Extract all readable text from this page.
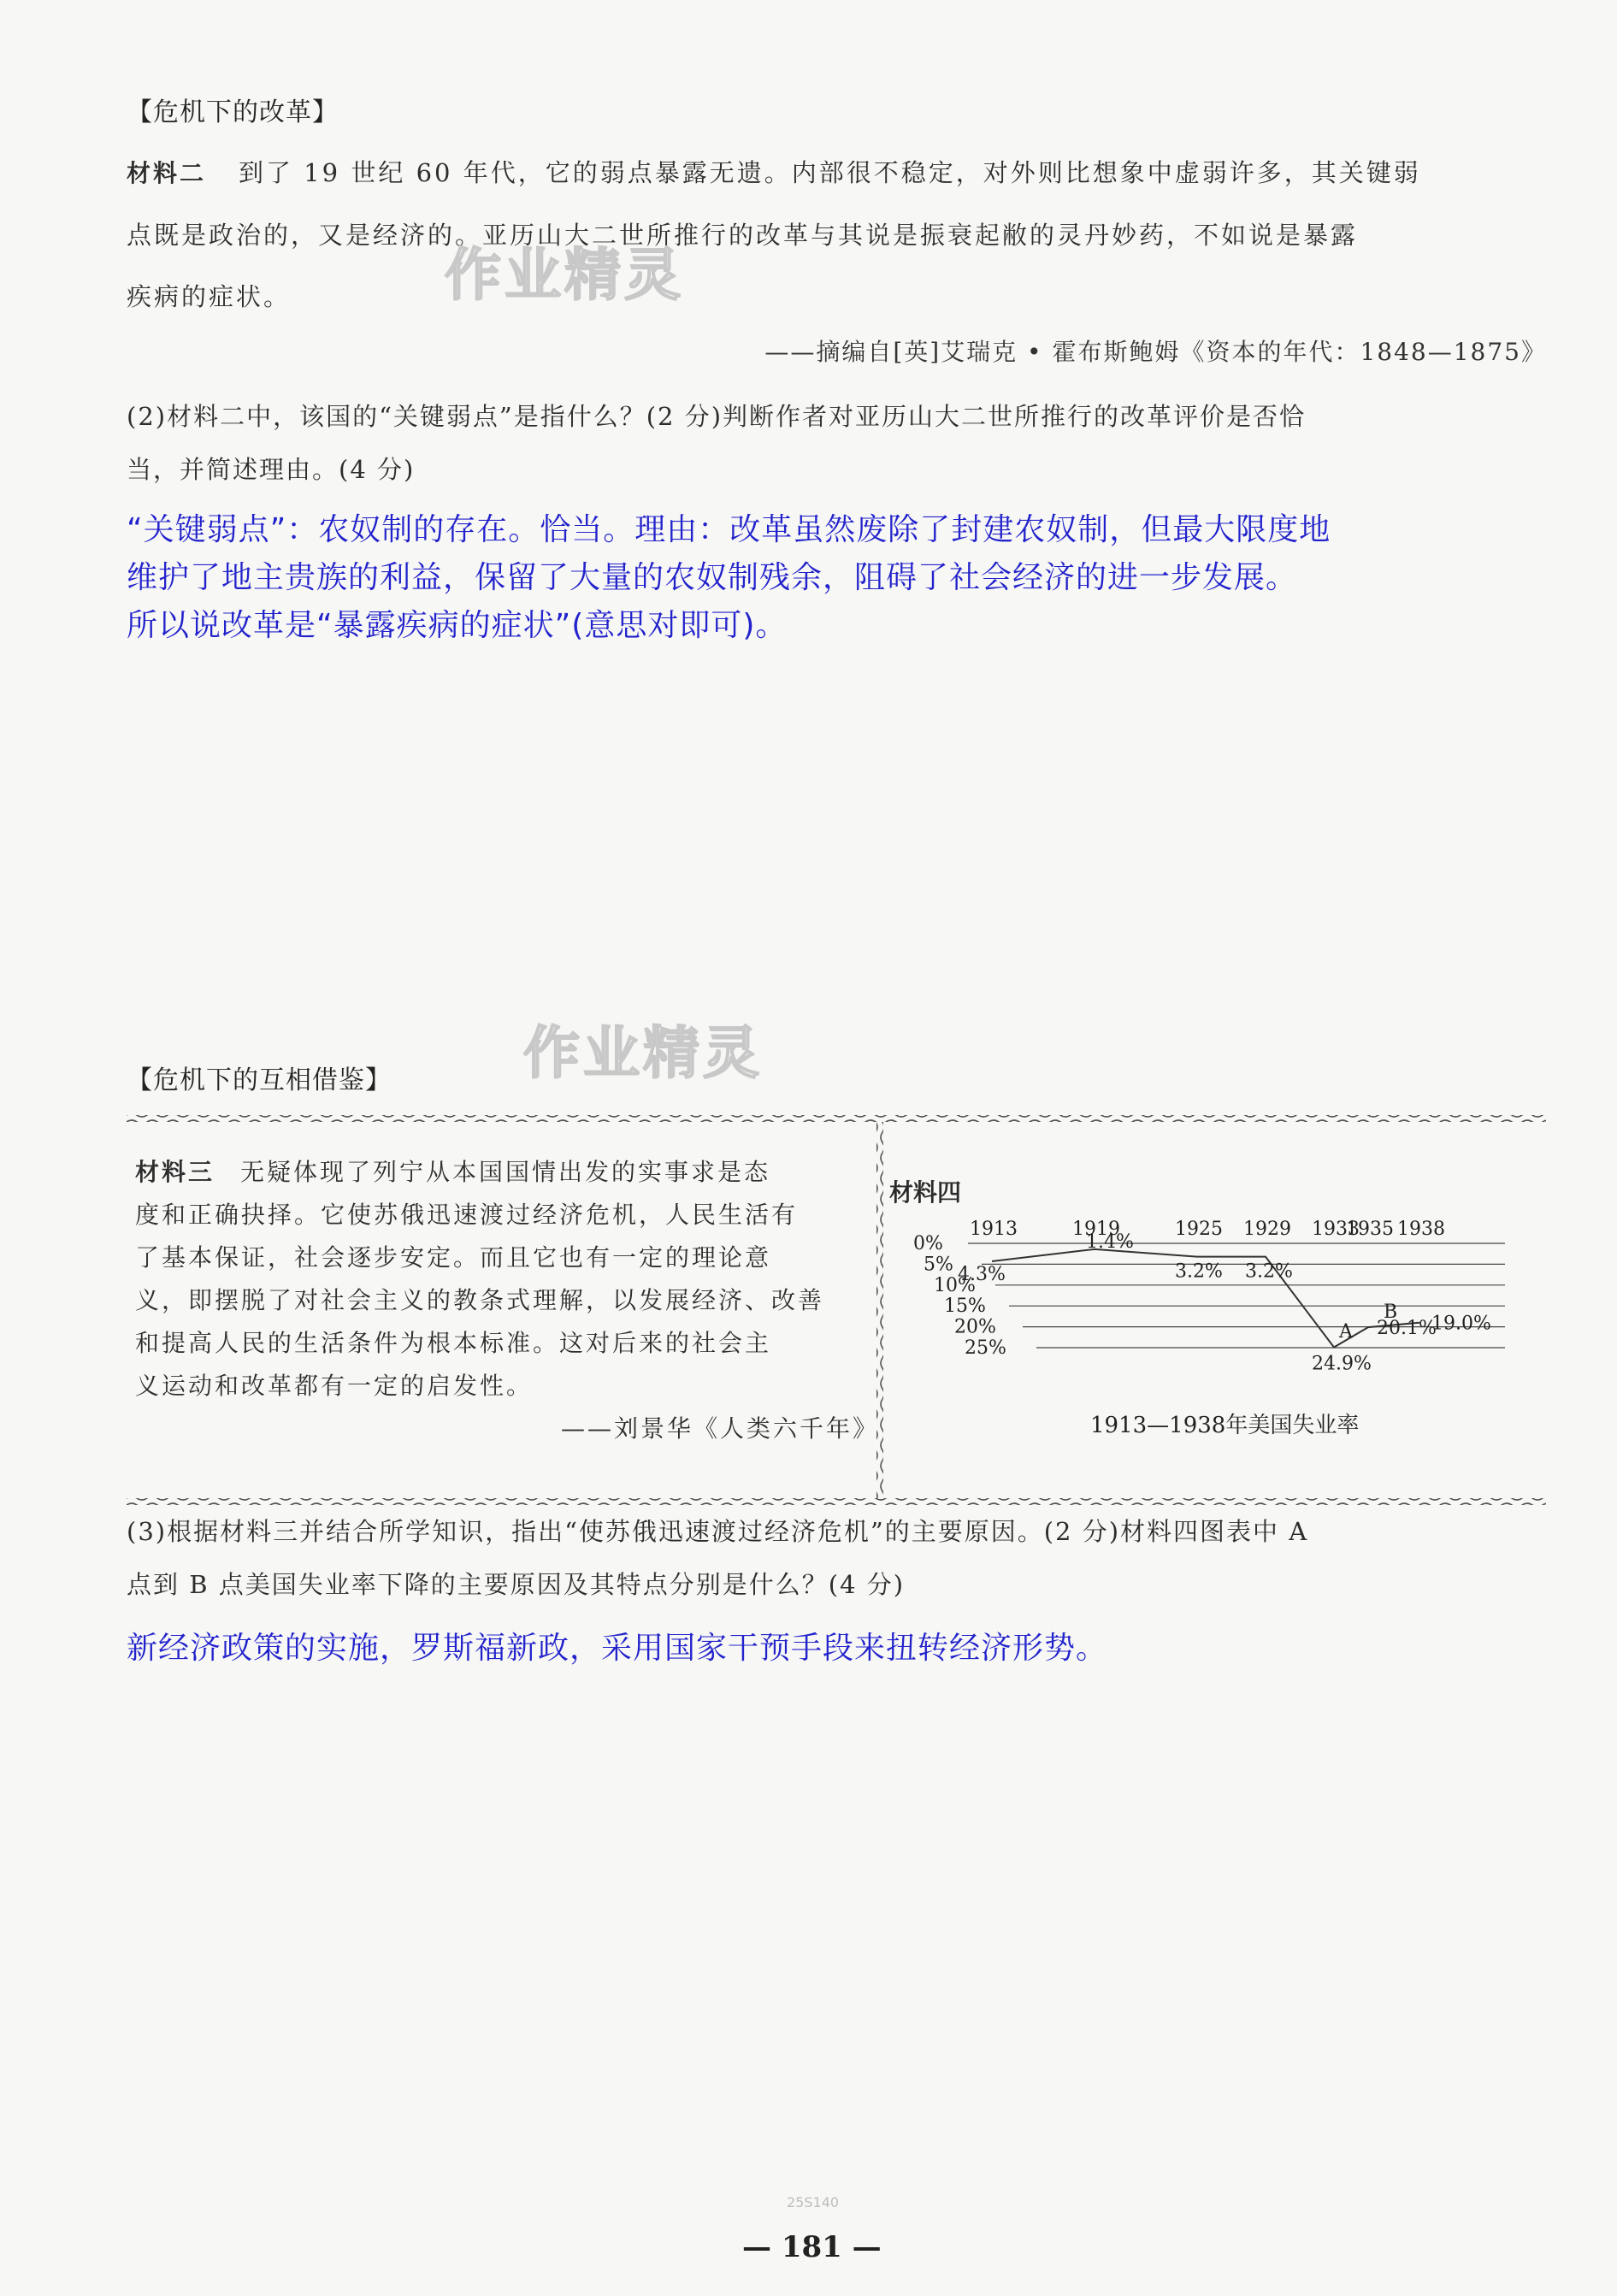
【危机下的改革】
材料二 到了 19 世纪 60 年代，它的弱点暴露无遗。内部很不稳定，对外则比想象中虚弱许多，其关键弱
点既是政治的，又是经济的。亚历山大二世所推行的改革与其说是振衰起敝的灵丹妙药，不如说是暴露
疾病的症状。
——摘编自[英]艾瑞克 • 霍布斯鲍姆《资本的年代：1848—1875》
(2)材料二中，该国的“关键弱点”是指什么？(2 分)判断作者对亚历山大二世所推行的改革评价是否恰
当，并简述理由。(4 分)
“关键弱点”：农奴制的存在。恰当。理由：改革虽然废除了封建农奴制，但最大限度地
维护了地主贵族的利益，保留了大量的农奴制残余，阻碍了社会经济的进一步发展。
所以说改革是“暴露疾病的症状”(意思对即可)。
作业精灵
作业精灵
【危机下的互相借鉴】
材料三 无疑体现了列宁从本国国情出发的实事求是态
度和正确抉择。它使苏俄迅速渡过经济危机，人民生活有
了基本保证，社会逐步安定。而且它也有一定的理论意
义，即摆脱了对社会主义的教条式理解，以发展经济、改善
和提高人民的生活条件为根本标准。这对后来的社会主
义运动和改革都有一定的启发性。
——刘景华《人类六千年》
材料四
0%
5%
10%
15%
20%
25%
1913	1919	1925 1929 1933
1935 1938
4.3%
1.4%
3.2% 3.2%
24.9%
20.1%
19.0%
A
B
1913—1938年美国失业率
(3)根据材料三并结合所学知识，指出“使苏俄迅速渡过经济危机”的主要原因。(2 分)材料四图表中 A
点到 B 点美国失业率下降的主要原因及其特点分别是什么？(4 分)
新经济政策的实施，罗斯福新政，采用国家干预手段来扭转经济形势。
25S140
— 181 —
